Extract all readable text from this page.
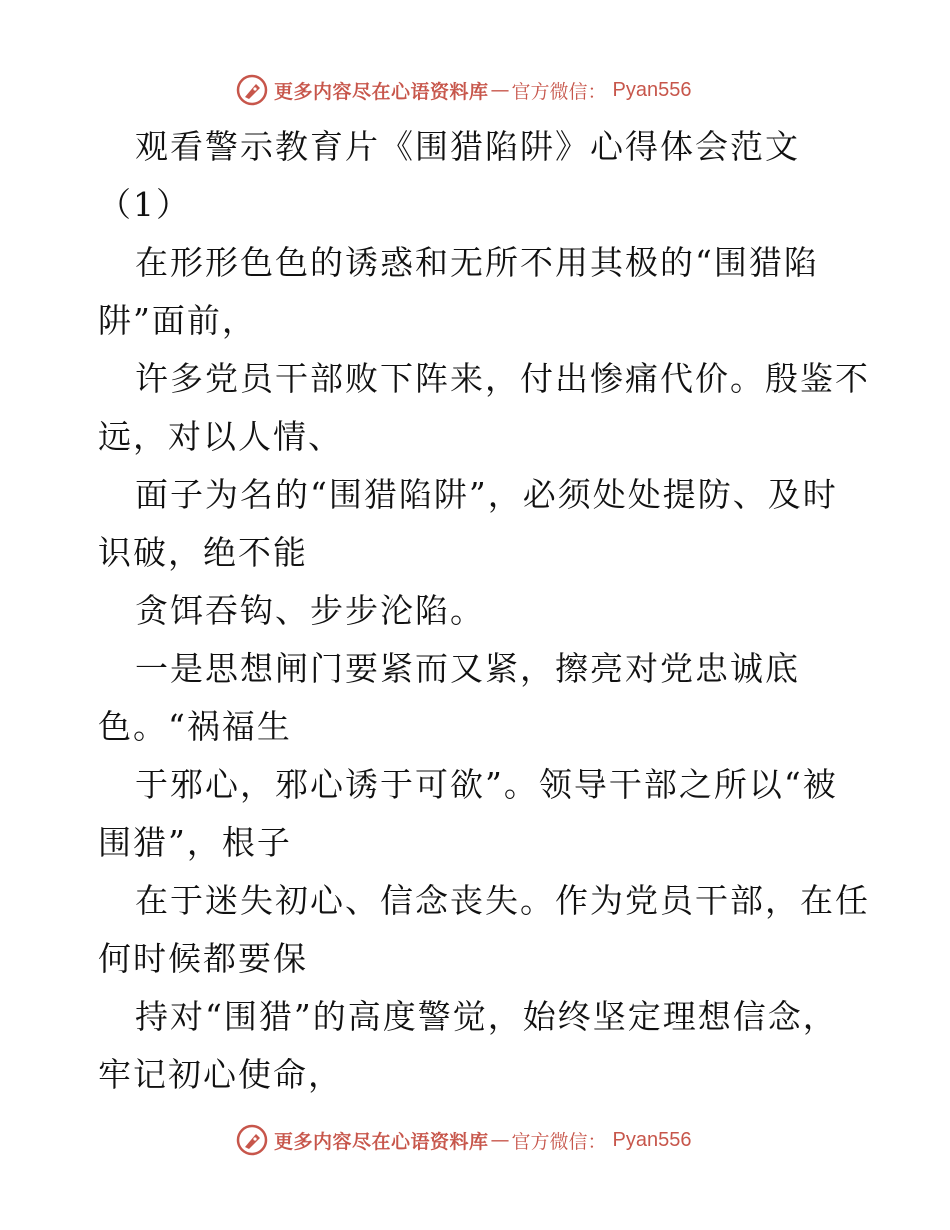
更多内容尽在心语资料库 — 官方微信： Pyan556
观看警示教育片《围猎陷阱》心得体会范文
（1）
在形形色色的诱惑和无所不用其极的“围猎陷
阱”面前，
许多党员干部败下阵来，付出惨痛代价。殷鉴不
远，对以人情、
面子为名的“围猎陷阱”，必须处处提防、及时
识破，绝不能
贪饵吞钩、步步沦陷。
一是思想闸门要紧而又紧，擦亮对党忠诚底
色。“祸福生
于邪心，邪心诱于可欲”。领导干部之所以“被
围猎”，根子
在于迷失初心、信念丧失。作为党员干部，在任
何时候都要保
持对“围猎”的高度警觉，始终坚定理想信念，
牢记初心使命，
更多内容尽在心语资料库 — 官方微信： Pyan556
